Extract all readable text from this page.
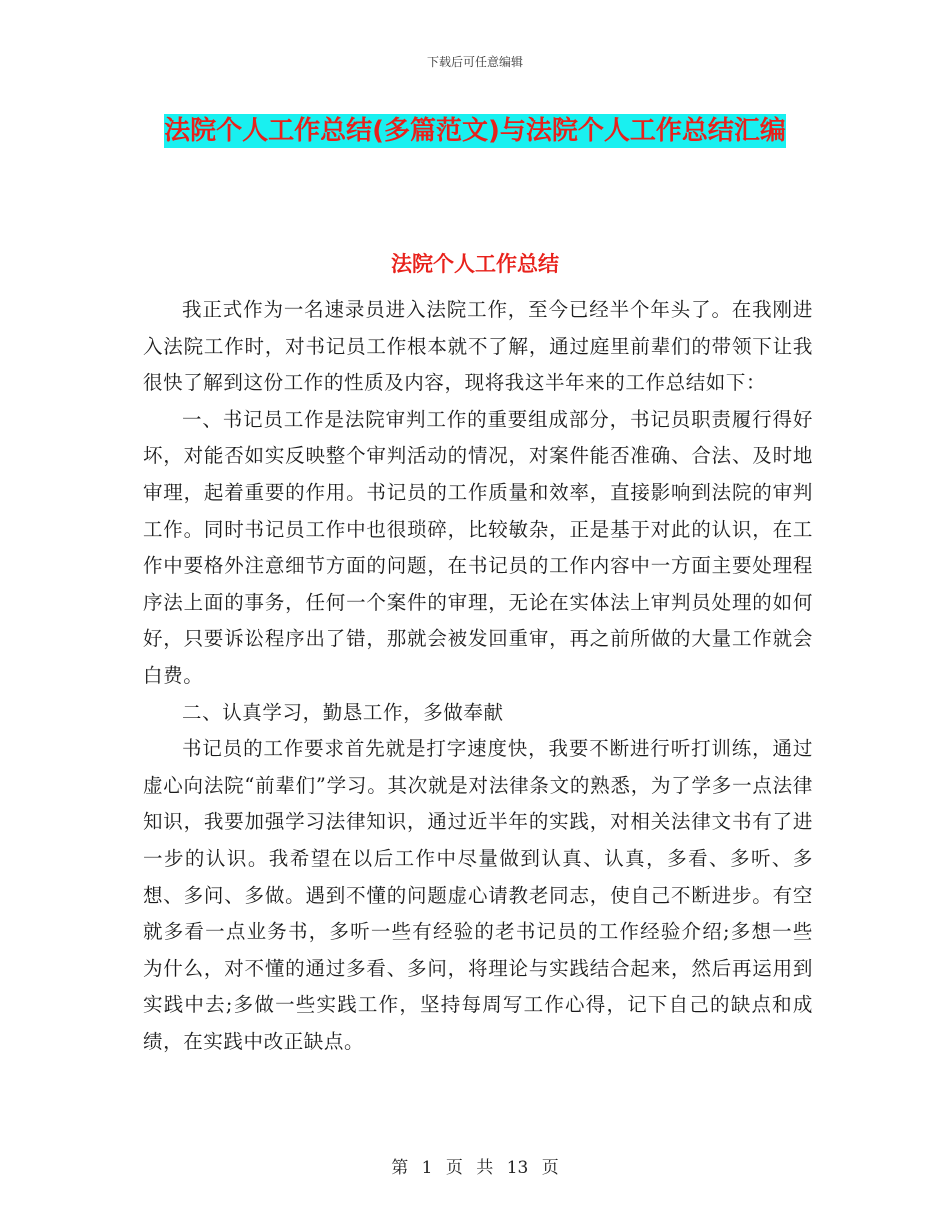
下载后可任意编辑
法院个人工作总结(多篇范文)与法院个人工作总结汇编
法院个人工作总结

我正式作为一名速录员进入法院工作，至今已经半个年头了。在我刚进入法院工作时，对书记员工作根本就不了解，通过庭里前辈们的带领下让我很快了解到这份工作的性质及内容，现将我这半年来的工作总结如下：

一、书记员工作是法院审判工作的重要组成部分，书记员职责履行得好坏，对能否如实反映整个审判活动的情况，对案件能否准确、合法、及时地审理，起着重要的作用。书记员的工作质量和效率，直接影响到法院的审判工作。同时书记员工作中也很琐碎，比较敏杂，正是基于对此的认识，在工作中要格外注意细节方面的问题，在书记员的工作内容中一方面主要处理程序法上面的事务，任何一个案件的审理，无论在实体法上审判员处理的如何好，只要诉讼程序出了错，那就会被发回重审，再之前所做的大量工作就会白费。

二、认真学习，勤恳工作，多做奉献

书记员的工作要求首先就是打字速度快，我要不断进行听打训练，通过虚心向法院“前辈们”学习。其次就是对法律条文的熟悉，为了学多一点法律知识，我要加强学习法律知识，通过近半年的实践，对相关法律文书有了进一步的认识。我希望在以后工作中尽量做到认真、认真，多看、多听、多想、多问、多做。遇到不懂的问题虚心请教老同志，使自己不断进步。有空就多看一点业务书，多听一些有经验的老书记员的工作经验介绍;多想一些为什么，对不懂的通过多看、多问，将理论与实践结合起来，然后再运用到实践中去;多做一些实践工作，坚持每周写工作心得，记下自己的缺点和成绩，在实践中改正缺点。

第 1 页 共 13 页
